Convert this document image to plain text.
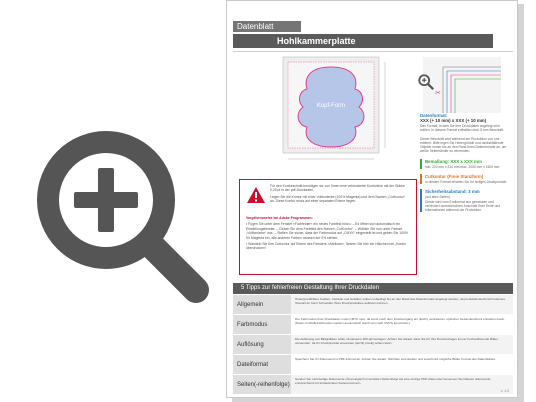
Datenblatt
Hohlkammerplatte
Kopf-Form
✂
Für den Konturschnitt benötigen wir von Ihnen eine vektorisierte Konturlinie mit der Stärke 0,25 pt in der pdf-Druckdatei.
Legen Sie die Kontur mit einer Volltonfarbe (100% Magenta) und dem Namen „CutKontur“ an. Diese Kontur muss auf einer separaten Ebene liegen.
Vorgehensweise bei Adobe Programmen:
• Fügen Sie unter dem Fenster »Farbfelder« ein neues Farbfeld hinzu: – Es öffnet sich automatisch ein Einstellungsfenster. – Geben Sie dem Farbfeld den Namen „CutKontur“. – Wählen Sie nun unter Farbart „Volltonfarbe“ aus. – Stellen Sie sicher, dass der Farbmodus auf „CMYK“ eingestellt ist und geben Sie 100% für Magenta ein, alle anderen Farben müssen auf 0% stehen.
• Wandeln Sie Ihre Cutkontur auf Ebene des Fensters »Attribute«. Setzen Sie hier ein Häkchen bei „Kontur überdrucken“.
Datenformat:
XXX (+ 10 mm) x XXX (+ 10 mm)
Das Format, in dem Sie Ihre Druckdaten angelegt sind sollten. In diesem Format enthalten sind: 5 mm Beschnitt.
Dieser Beschnitt wird während der Produktion von uns entfernt. Bitte legen Sie Hintergründe und randabfallende Objekte immer bis an den Rand Ihres Datenformats an, um weiße Seitenränder zu vermeiden.
Bemaßung: XXX x XXX mm
min. 210 mm x 210 mm max. 1000 mm x 1500 mm
Cutkontur (Freie Stanzform)
In diesem Format erhalten Sie Ihr fertiges Druckprodukt.
Sicherheitsabstand: 3 mm
(auf allen Seiten)
Dieser wird vom Endformat aus gemessen und verhindert unerwünschten Anschnitt Ihrer Texte und Informationen während der Produktion.
5 Tipps zur fehlerfreien Gestaltung Ihrer Druckdaten
Allgemein
Hintergrundbilder, Farben, Verläufe und Grafiken sollten unbedingt bis an den Rand des Datenformats angelegt werden, da produktionstechnisch kleinere Toleranzen beim Schneiden Ihres Druckproduktes auftreten können.
Farbmodus
Der Farbmodus Ihrer Druckdaten muss CMYK sein, da sonst nach dem Druckvorgang ein (leicht) veränderter, optischer Gesamteindruck entstehen kann. (Daten im RGB-Farbmodus werden automatisch durch uns nach CMYK konvertiert.)
Auflösung
Die Auflösung von Bildgrafiken sollte mindestens 300 dpi betragen. Achten Sie darauf, dass Sie für Ihre Druckvorlagen immer hochauflösende Bilder verwenden, da Ihr Druckprodukt ansonsten (leicht) pixelig wirken kann.
Dateiformat
Speichern Sie Ihr Dokument im PDF-Format ab. Achten Sie darauf, Schriften einzubetten und sowohl als mögliche Bilder Format des Datenblattes.
Seiten(-reihenfolge)
Senden Sie mehrseitige Dokumente chronologisch in korrekter Reihenfolge als eine einzige PDF-Datei oder benennen Sie Dateien dokumente entsprechend mit fortlaufenden Seitennummern.
v. 1.0
